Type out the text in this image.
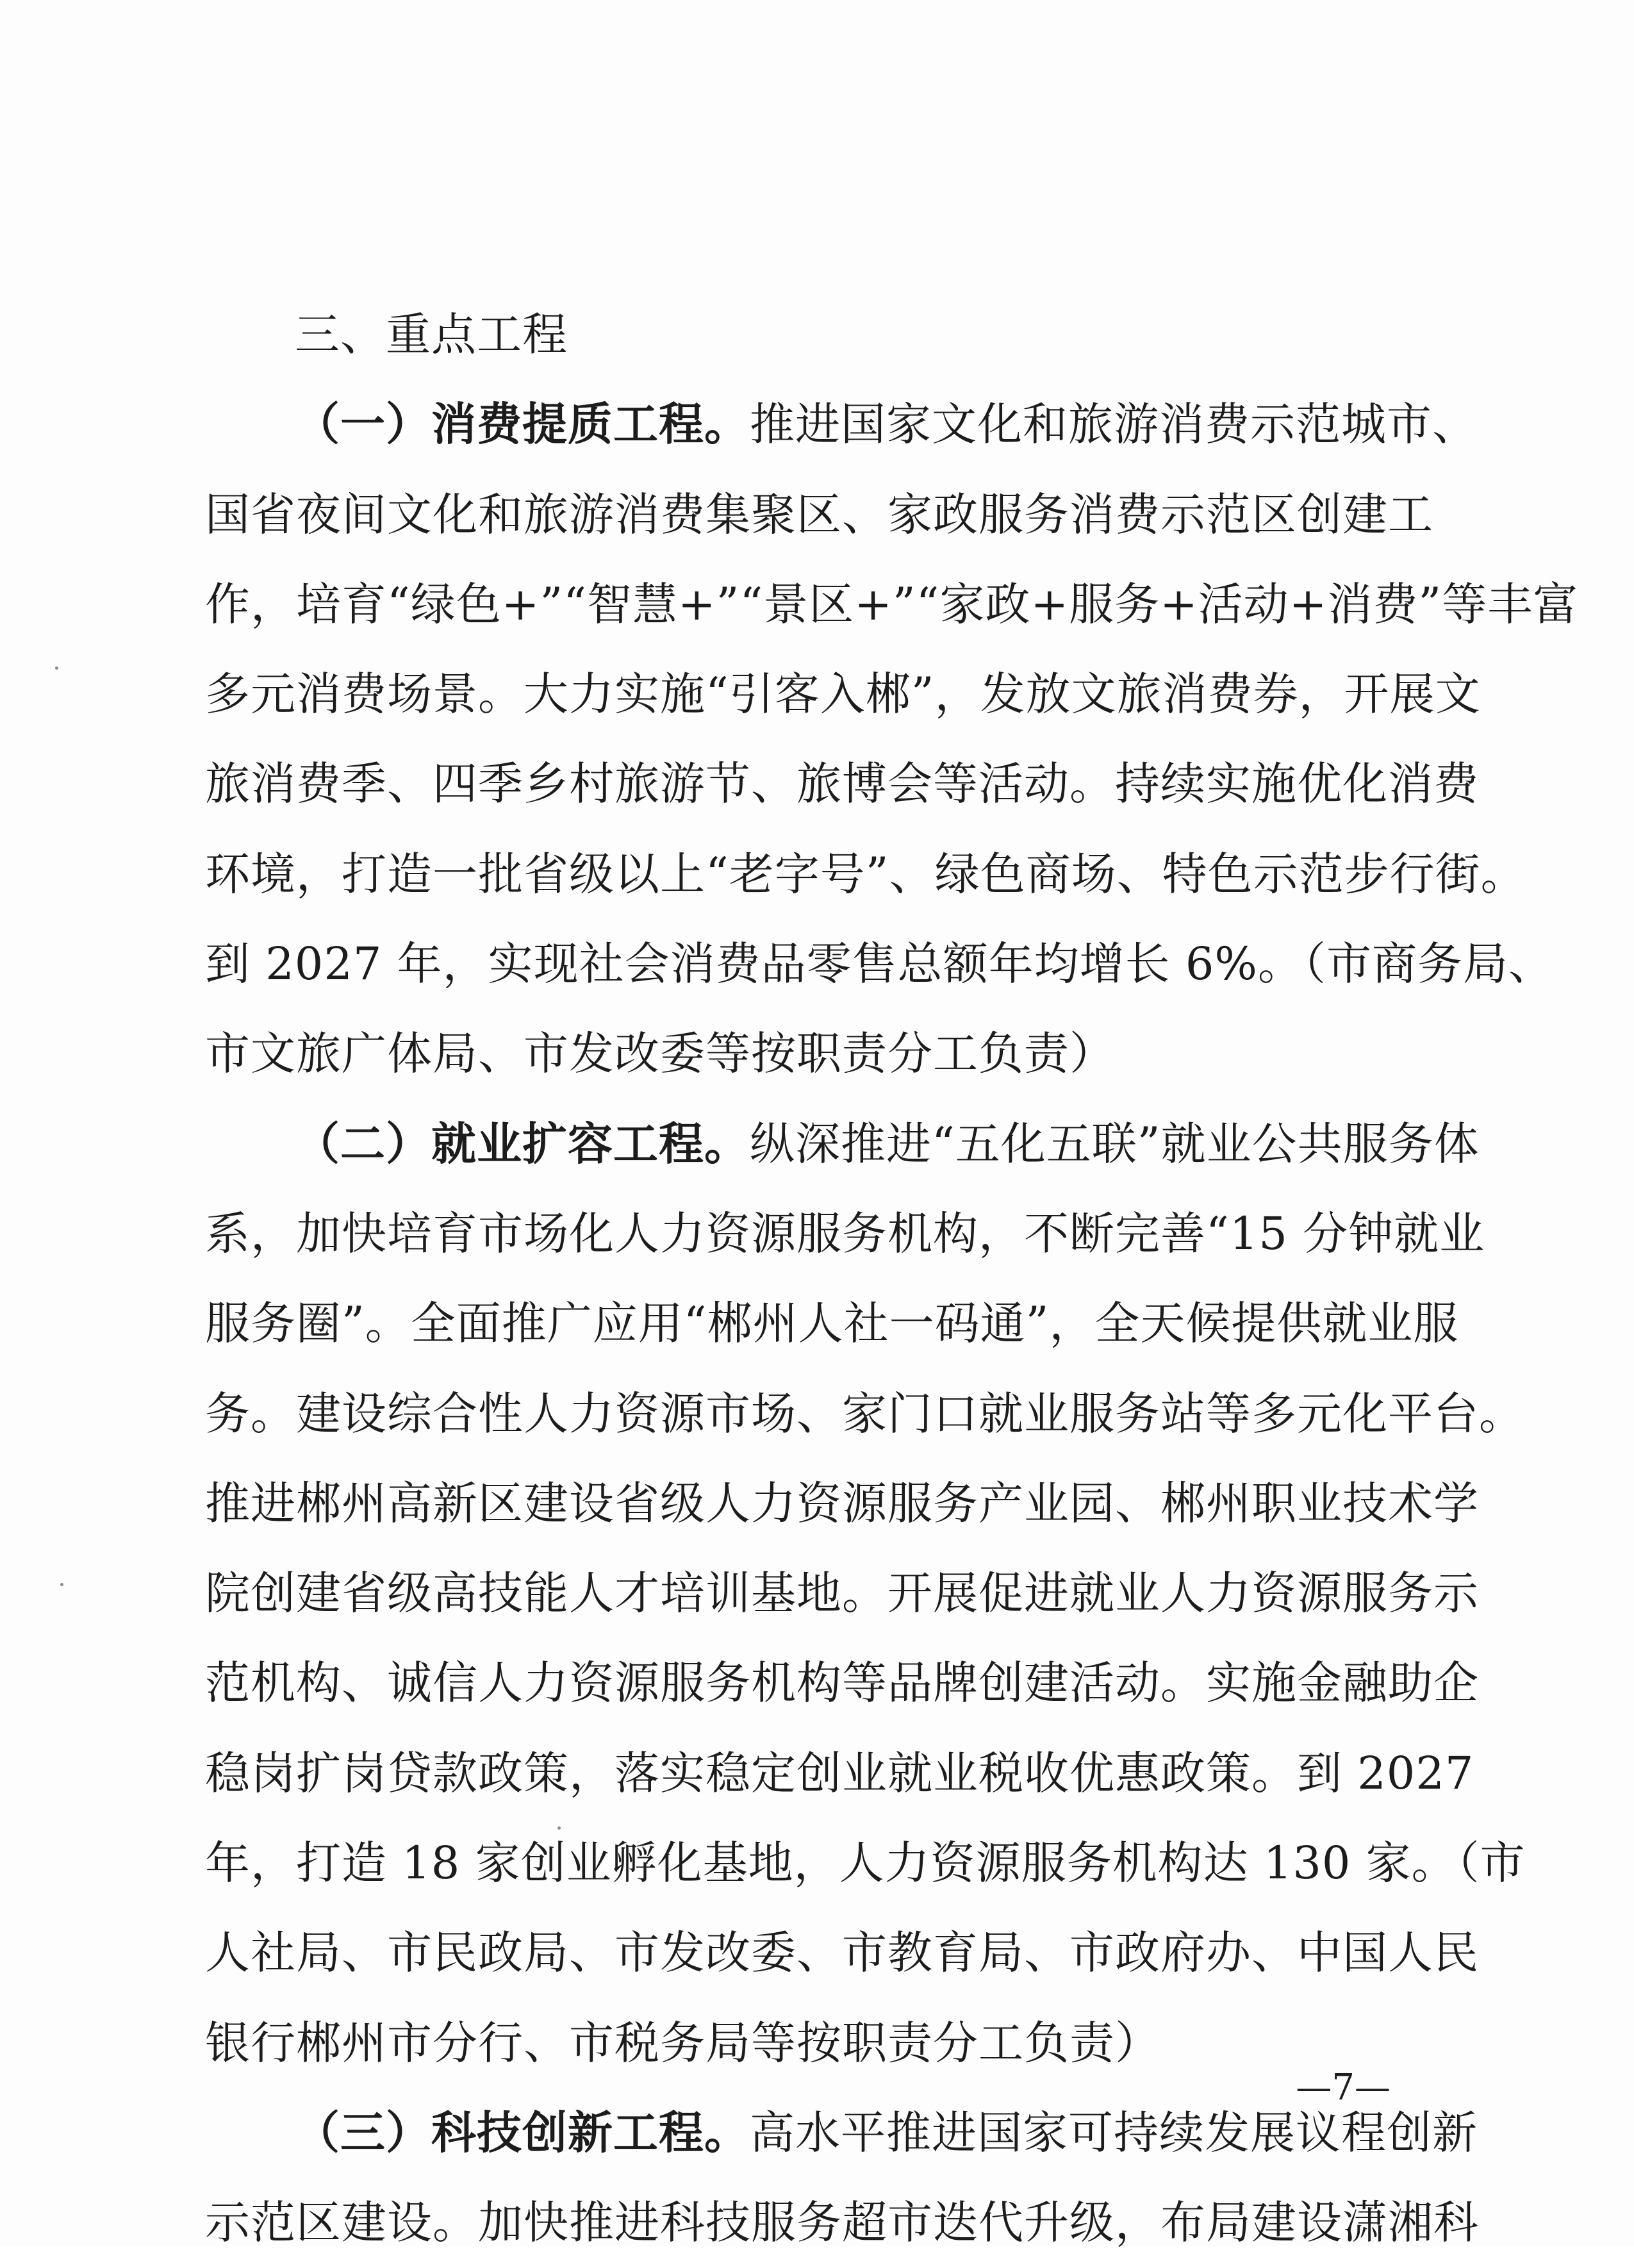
三、重点工程
（一）消费提质工程。推进国家文化和旅游消费示范城市、
国省夜间文化和旅游消费集聚区、家政服务消费示范区创建工
作，培育“绿色+”“智慧+”“景区+”“家政+服务+活动+消费”等丰富
多元消费场景。大力实施“引客入郴”，发放文旅消费券，开展文
旅消费季、四季乡村旅游节、旅博会等活动。持续实施优化消费
环境，打造一批省级以上“老字号”、绿色商场、特色示范步行街。
到 2027 年，实现社会消费品零售总额年均增长 6%。（市商务局、
市文旅广体局、市发改委等按职责分工负责）
（二）就业扩容工程。纵深推进“五化五联”就业公共服务体
系，加快培育市场化人力资源服务机构，不断完善“15 分钟就业
服务圈”。全面推广应用“郴州人社一码通”，全天候提供就业服
务。建设综合性人力资源市场、家门口就业服务站等多元化平台。
推进郴州高新区建设省级人力资源服务产业园、郴州职业技术学
院创建省级高技能人才培训基地。开展促进就业人力资源服务示
范机构、诚信人力资源服务机构等品牌创建活动。实施金融助企
稳岗扩岗贷款政策，落实稳定创业就业税收优惠政策。到 2027
年，打造 18 家创业孵化基地，人力资源服务机构达 130 家。（市
人社局、市民政局、市发改委、市教育局、市政府办、中国人民
银行郴州市分行、市税务局等按职责分工负责）
（三）科技创新工程。高水平推进国家可持续发展议程创新
示范区建设。加快推进科技服务超市迭代升级，布局建设潇湘科
—7—
